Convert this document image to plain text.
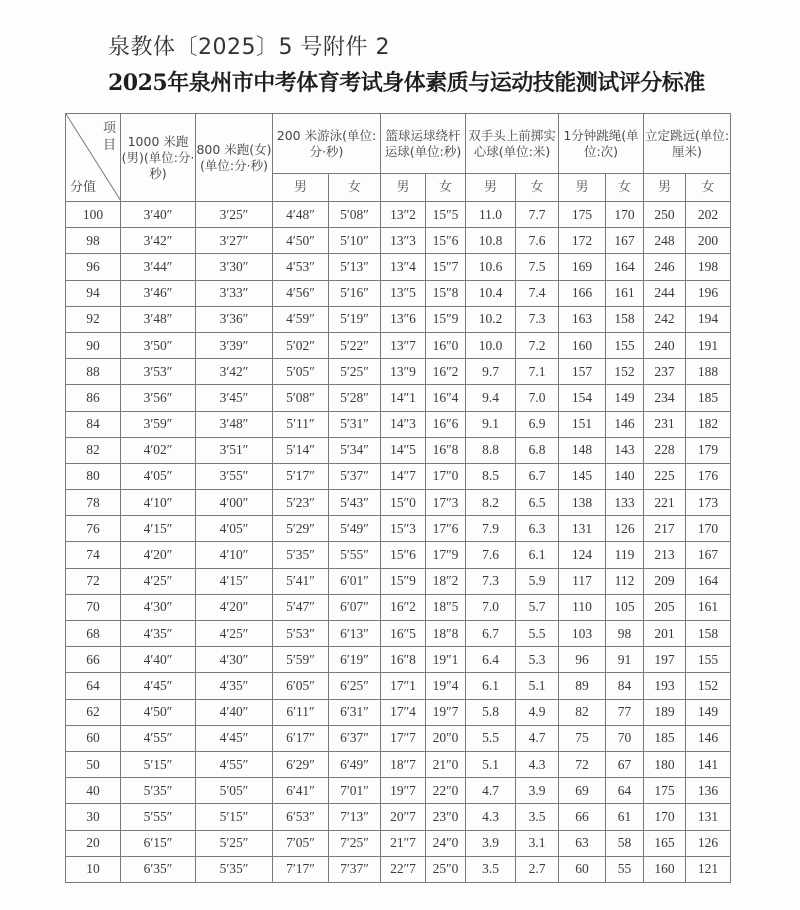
泉教体〔2025〕5 号附件 2
2025年泉州市中考体育考试身体素质与运动技能测试评分标准
项
目
分值	1000 米跑(男)(单位:分·秒)	800 米跑(女)(单位:分·秒)	200 米游泳(单位:分·秒)		篮球运球绕杆运球(单位:秒)		双手头上前掷实心球(单位:米)		1分钟跳绳(单位:次)		立定跳远(单位:厘米)	
			男	女	男	女	男	女	男	女	男	女
100	3′40″	3′25″	4′48″	5′08″	13″2	15″5	11.0	7.7	175	170	250	202
98	3′42″	3′27″	4′50″	5′10″	13″3	15″6	10.8	7.6	172	167	248	200
96	3′44″	3′30″	4′53″	5′13″	13″4	15″7	10.6	7.5	169	164	246	198
94	3′46″	3′33″	4′56″	5′16″	13″5	15″8	10.4	7.4	166	161	244	196
92	3′48″	3′36″	4′59″	5′19″	13″6	15″9	10.2	7.3	163	158	242	194
90	3′50″	3′39″	5′02″	5′22″	13″7	16″0	10.0	7.2	160	155	240	191
88	3′53″	3′42″	5′05″	5′25″	13″9	16″2	9.7	7.1	157	152	237	188
86	3′56″	3′45″	5′08″	5′28″	14″1	16″4	9.4	7.0	154	149	234	185
84	3′59″	3′48″	5′11″	5′31″	14″3	16″6	9.1	6.9	151	146	231	182
82	4′02″	3′51″	5′14″	5′34″	14″5	16″8	8.8	6.8	148	143	228	179
80	4′05″	3′55″	5′17″	5′37″	14″7	17″0	8.5	6.7	145	140	225	176
78	4′10″	4′00″	5′23″	5′43″	15″0	17″3	8.2	6.5	138	133	221	173
76	4′15″	4′05″	5′29″	5′49″	15″3	17″6	7.9	6.3	131	126	217	170
74	4′20″	4′10″	5′35″	5′55″	15″6	17″9	7.6	6.1	124	119	213	167
72	4′25″	4′15″	5′41″	6′01″	15″9	18″2	7.3	5.9	117	112	209	164
70	4′30″	4′20″	5′47″	6′07″	16″2	18″5	7.0	5.7	110	105	205	161
68	4′35″	4′25″	5′53″	6′13″	16″5	18″8	6.7	5.5	103	98	201	158
66	4′40″	4′30″	5′59″	6′19″	16″8	19″1	6.4	5.3	96	91	197	155
64	4′45″	4′35″	6′05″	6′25″	17″1	19″4	6.1	5.1	89	84	193	152
62	4′50″	4′40″	6′11″	6′31″	17″4	19″7	5.8	4.9	82	77	189	149
60	4′55″	4′45″	6′17″	6′37″	17″7	20″0	5.5	4.7	75	70	185	146
50	5′15″	4′55″	6′29″	6′49″	18″7	21″0	5.1	4.3	72	67	180	141
40	5′35″	5′05″	6′41″	7′01″	19″7	22″0	4.7	3.9	69	64	175	136
30	5′55″	5′15″	6′53″	7′13″	20″7	23″0	4.3	3.5	66	61	170	131
20	6′15″	5′25″	7′05″	7′25″	21″7	24″0	3.9	3.1	63	58	165	126
10	6′35″	5′35″	7′17″	7′37″	22″7	25″0	3.5	2.7	60	55	160	121
